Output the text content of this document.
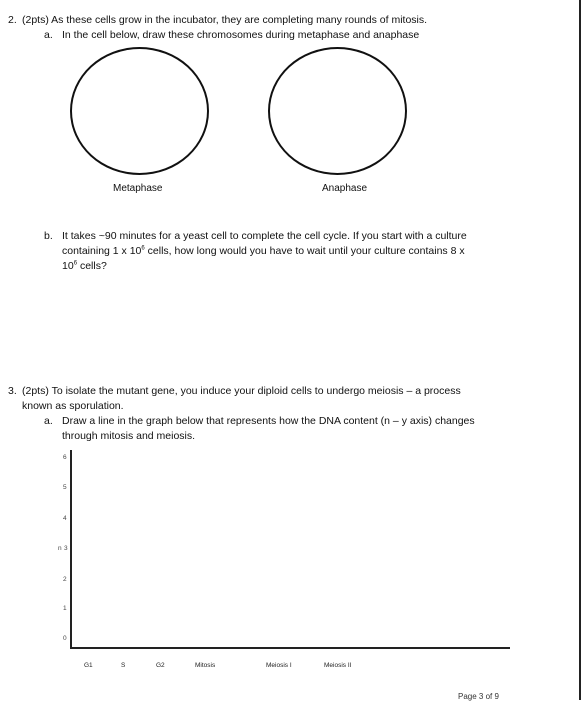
2. (2pts) As these cells grow in the incubator, they are completing many rounds of mitosis.
a. In the cell below, draw these chromosomes during metaphase and anaphase
Metaphase	Anaphase
b. It takes ~90 minutes for a yeast cell to complete the cell cycle. If you start with a culture
containing 1 x $10^6$ cells, how long would you have to wait until your culture contains 8 x
$10^6$ cells?
3. (2pts) To isolate the mutant gene, you induce your diploid cells to undergo meiosis – a process
known as sporulation.
a. Draw a line in the graph below that represents how the DNA content (n – y axis) changes
through mitosis and meiosis.
6
5
4
n 3
2
1
0
G1	S	G2	Mitosis	Meiosis I	Meiosis II
Page 3 of 9
